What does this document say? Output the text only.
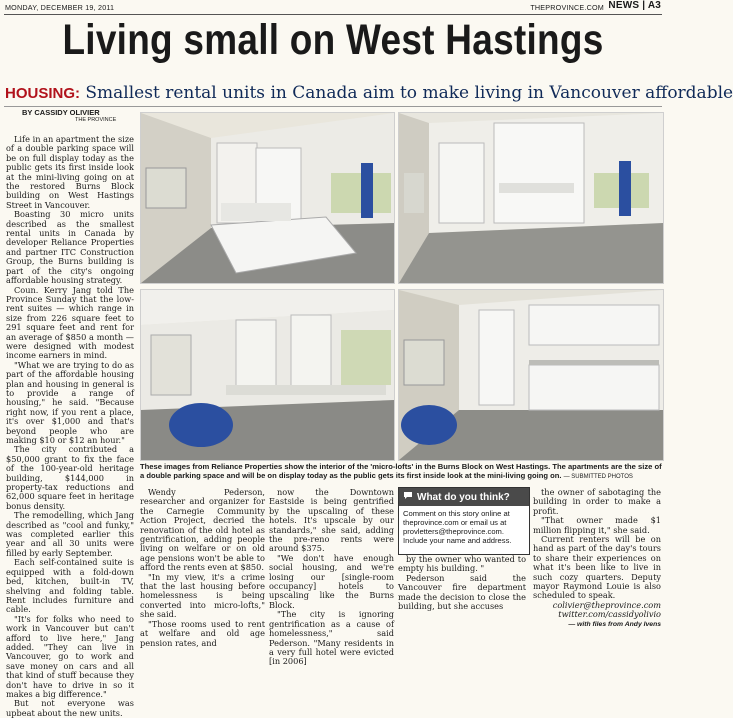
MONDAY, DECEMBER 19, 2011	THEPROVINCE.COM NEWS | A3
Living small on West Hastings
HOUSING: Smallest rental units in Canada aim to make living in Vancouver affordable
BY CASSIDY OLIVIER
THE PROVINCE
These images from Reliance Properties show the interior of the 'micro-lofts' in the Burns Block on West Hastings. The apartments are the size of a double parking space and will be on display today as the public gets its first inside look at the mini-living going on. — SUBMITTED PHOTOS
What do you think?
Comment on this story online at theprovince.com or email us at provletters@theprovince.com. Include your name and address.

Life in an apartment the size of a double parking space will be on full display today as the public gets its first inside look at the mini-living going on at the restored Burns Block building on West Hastings Street in Vancouver.

Boasting 30 micro units described as the smallest rental units in Canada by developer Reliance Properties and partner ITC Construction Group, the Burns building is part of the city's ongoing affordable housing strategy.

Coun. Kerry Jang told The Province Sunday that the low-rent suites — which range in size from 226 square feet to 291 square feet and rent for an average of $850 a month — were designed with modest income earners in mind.

"What we are trying to do as part of the affordable housing plan and housing in general is to provide a range of housing," he said. "Because right now, if you rent a place, it's over $1,000 and that's beyond people who are making $10 or $12 an hour."

The city contributed a $50,000 grant to fix the face of the 100-year-old heritage building, $144,000 in property-tax reductions and 62,000 square feet in heritage bonus density.

The remodelling, which Jang described as "cool and funky," was completed earlier this year and all 30 units were filled by early September.

Each self-contained suite is equipped with a fold-down bed, kitchen, built-in TV, shelving and folding table. Rent includes furniture and cable.

"It's for folks who need to work in Vancouver but can't afford to live here," Jang added. "They can live in Vancouver, go to work and save money on cars and all that kind of stuff because they don't have to drive in so it makes a big difference."

But not everyone was upbeat about the new units.

Wendy Pederson, researcher and organizer for the Carnegie Community Action Project, decried the renovation of the old hotel as gentrification, adding people living on welfare or on old age pensions won't be able to afford the rents even at $850.

"In my view, it's a crime that the last housing before homelessness is being converted into micro-lofts," she said.

"Those rooms used to rent at welfare and old age pension rates, and

now the Downtown Eastside is being gentrified by the upscaling of these hotels. It's upscale by our standards," she said, adding the pre-reno rents were around $375.

"We don't have enough social housing, and we're losing our [single-room occupancy] hotels to upscaling like the Burns Block.

"The city is ignoring gentrification as a cause of homelessness," said Pederson. "Many residents in a very full hotel were evicted [in 2006]

by the owner who wanted to empty his building. "

Pederson said the Vancouver fire department made the decision to close the building, but she accuses

the owner of sabotaging the building in order to make a profit.

"That owner made $1 million flipping it," she said.

Current renters will be on hand as part of the day's tours to share their experiences on what it's been like to live in such cozy quarters. Deputy mayor Raymond Louie is also scheduled to speak.

colivier@theprovince.com
twitter.com/cassidyolivio
— with files from Andy Ivens
